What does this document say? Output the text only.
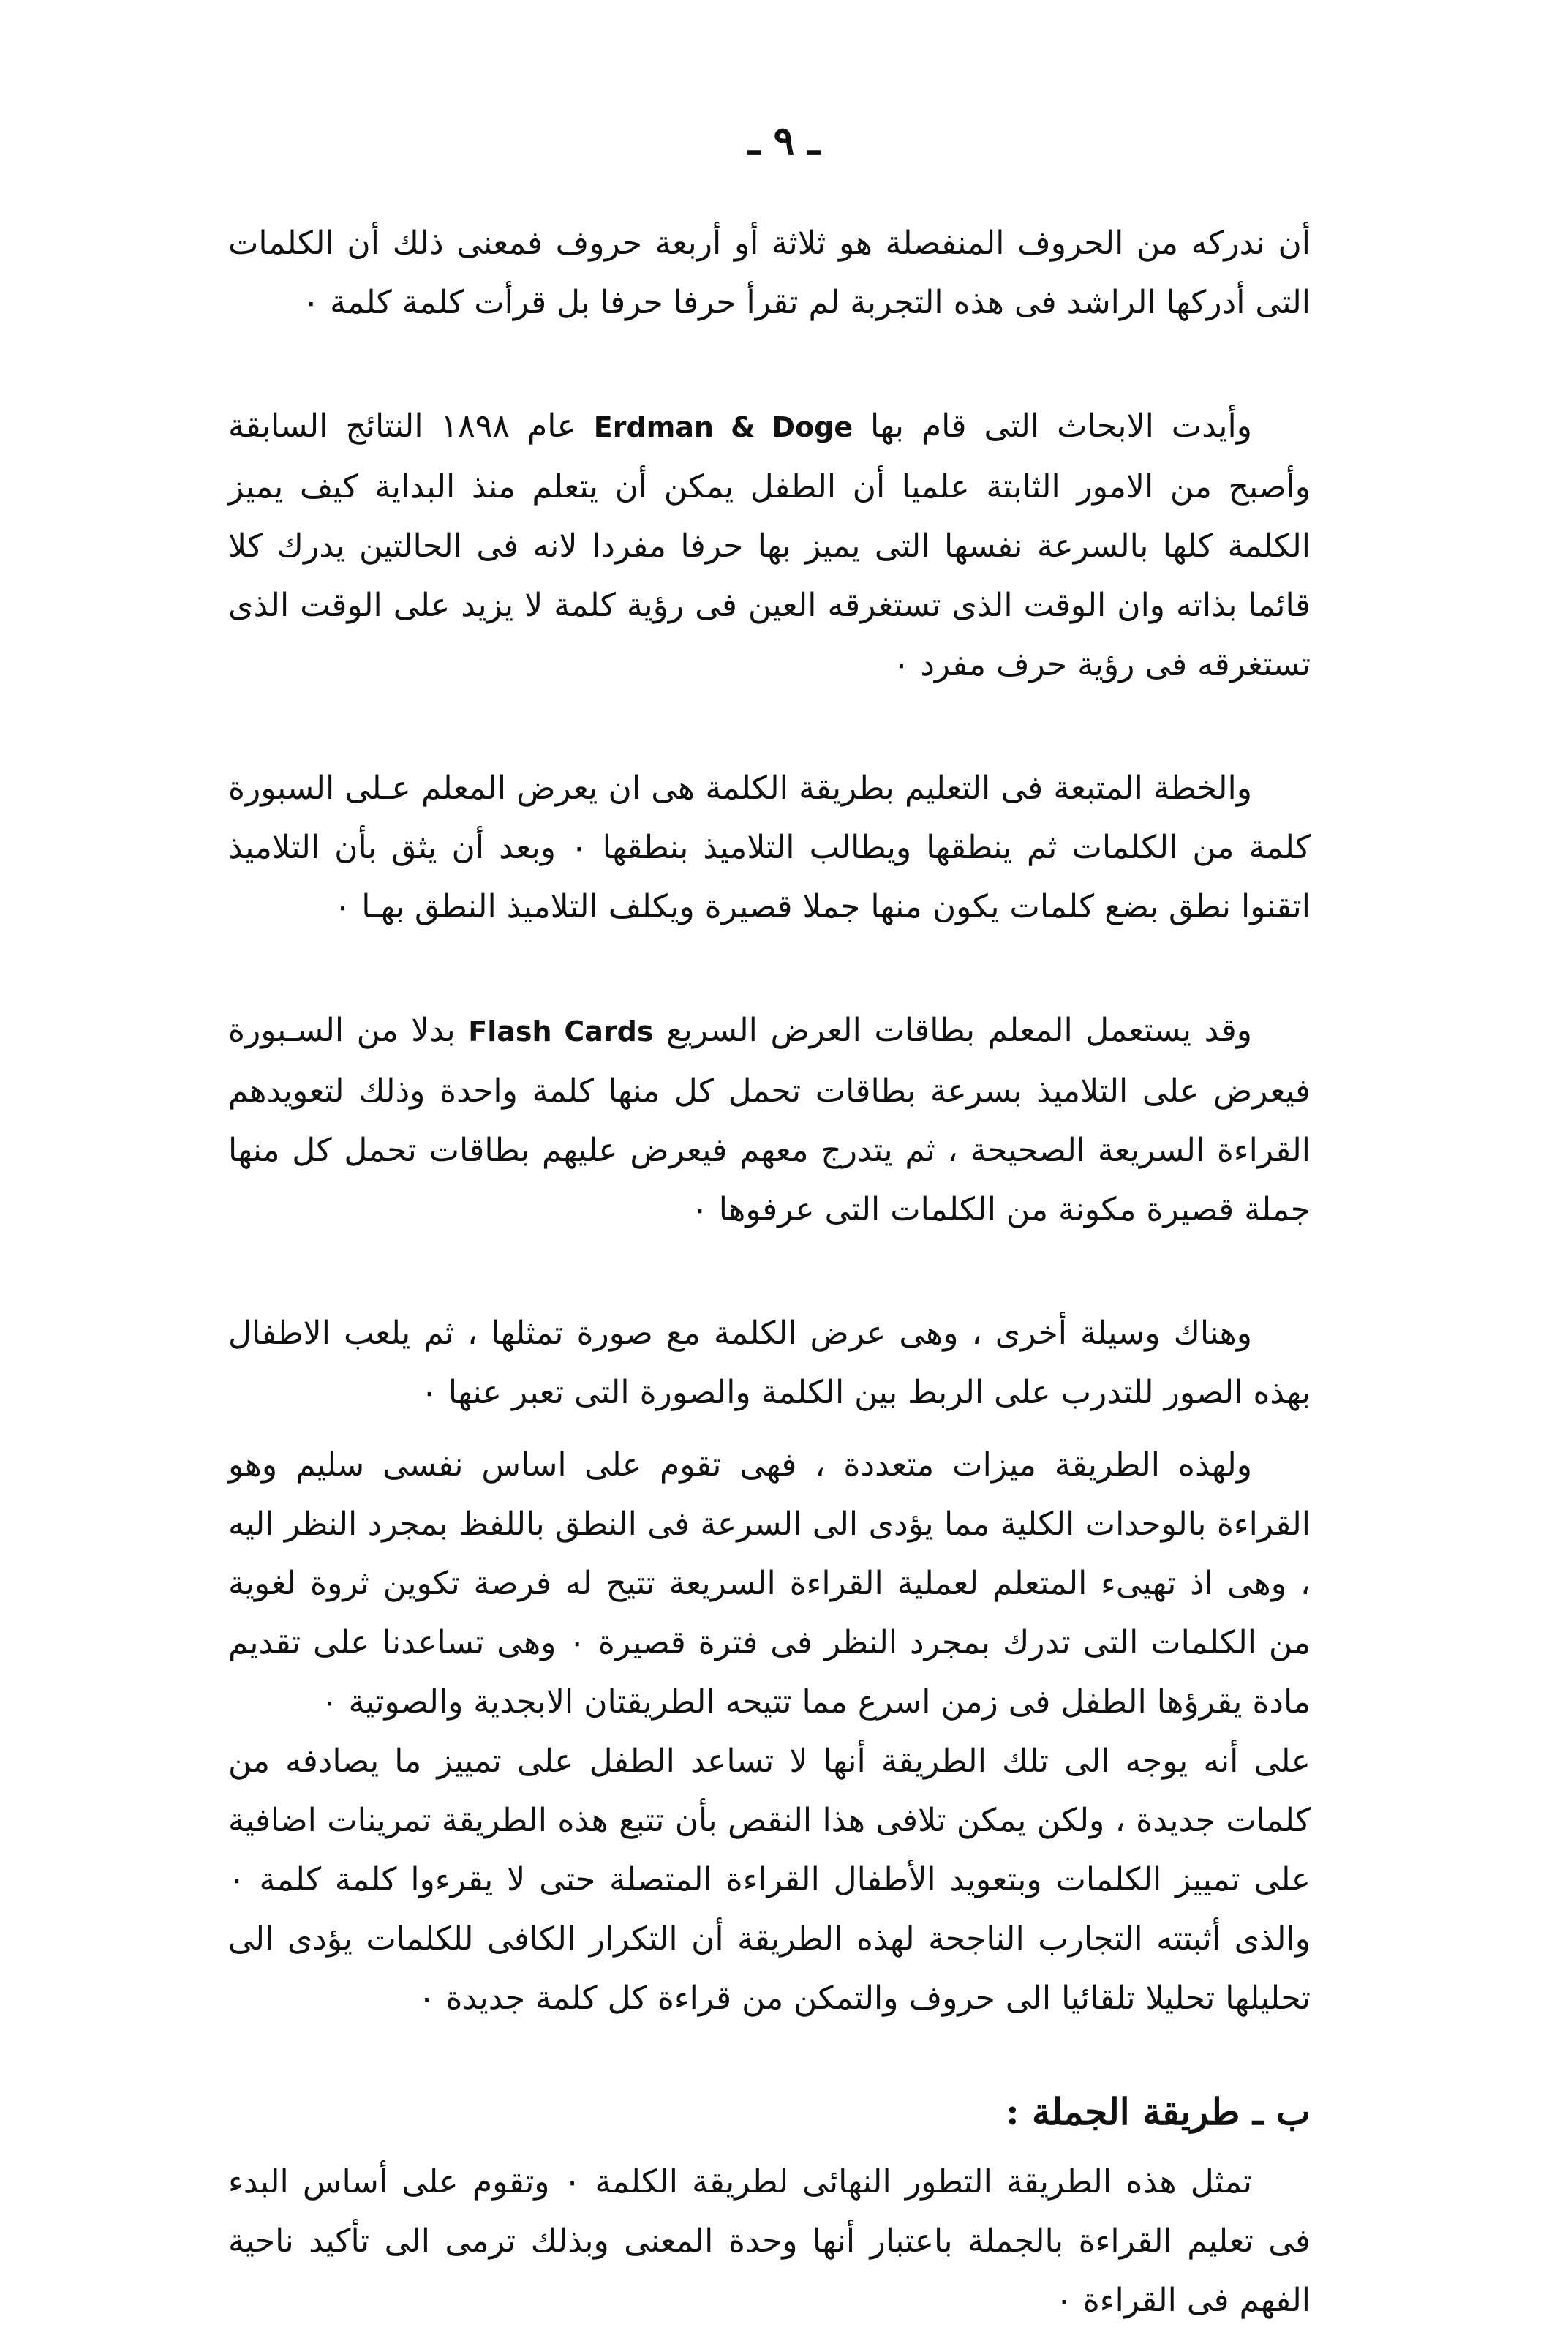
ـ ٩ ـ

أن ندركه من الحروف المنفصلة هو ثلاثة أو أربعة حروف فمعنى ذلك أن الكلمات التى أدركها الراشد فى هذه التجربة لم تقرأ حرفا حرفا بل قرأت كلمة كلمة ٠

وأيدت الابحاث التى قام بها Erdman & Doge عام ١٨٩٨ النتائج السابقة وأصبح من الامور الثابتة علميا أن الطفل يمكن أن يتعلم منذ البداية كيف يميز الكلمة كلها بالسرعة نفسها التى يميز بها حرفا مفردا لانه فى الحالتين يدرك كلا قائما بذاته وان الوقت الذى تستغرقه العين فى رؤية كلمة لا يزيد على الوقت الذى تستغرقه فى رؤية حرف مفرد ٠

والخطة المتبعة فى التعليم بطريقة الكلمة هى ان يعرض المعلم عـلى السبورة كلمة من الكلمات ثم ينطقها ويطالب التلاميذ بنطقها ٠ وبعد أن يثق بأن التلاميذ اتقنوا نطق بضع كلمات يكون منها جملا قصيرة ويكلف التلاميذ النطق بهـا ٠

وقد يستعمل المعلم بطاقات العرض السريع Flash Cards بدلا من السـبورة فيعرض على التلاميذ بسرعة بطاقات تحمل كل منها كلمة واحدة وذلك لتعويدهم القراءة السريعة الصحيحة ، ثم يتدرج معهم فيعرض عليهم بطاقات تحمل كل منها جملة قصيرة مكونة من الكلمات التى عرفوها ٠

وهناك وسيلة أخرى ، وهى عرض الكلمة مع صورة تمثلها ، ثم يلعب الاطفال بهذه الصور للتدرب على الربط بين الكلمة والصورة التى تعبر عنها ٠

ولهذه الطريقة ميزات متعددة ، فهى تقوم على اساس نفسى سليم وهو القراءة بالوحدات الكلية مما يؤدى الى السرعة فى النطق باللفظ بمجرد النظر اليه ، وهى اذ تهيىء المتعلم لعملية القراءة السريعة تتيح له فرصة تكوين ثروة لغوية من الكلمات التى تدرك بمجرد النظر فى فترة قصيرة ٠ وهى تساعدنا على تقديم مادة يقرؤها الطفل فى زمن اسرع مما تتيحه الطريقتان الابجدية والصوتية ٠

على أنه يوجه الى تلك الطريقة أنها لا تساعد الطفل على تمييز ما يصادفه من كلمات جديدة ، ولكن يمكن تلافى هذا النقص بأن تتبع هذه الطريقة تمرينات اضافية على تمييز الكلمات وبتعويد الأطفال القراءة المتصلة حتى لا يقرءوا كلمة كلمة ٠ والذى أثبتته التجارب الناجحة لهذه الطريقة أن التكرار الكافى للكلمات يؤدى الى تحليلها تحليلا تلقائيا الى حروف والتمكن من قراءة كل كلمة جديدة ٠

ب ـ طريقة الجملة :

تمثل هذه الطريقة التطور النهائى لطريقة الكلمة ٠ وتقوم على أساس البدء فى تعليم القراءة بالجملة باعتبار أنها وحدة المعنى وبذلك ترمى الى تأكيد ناحية الفهم فى القراءة ٠
